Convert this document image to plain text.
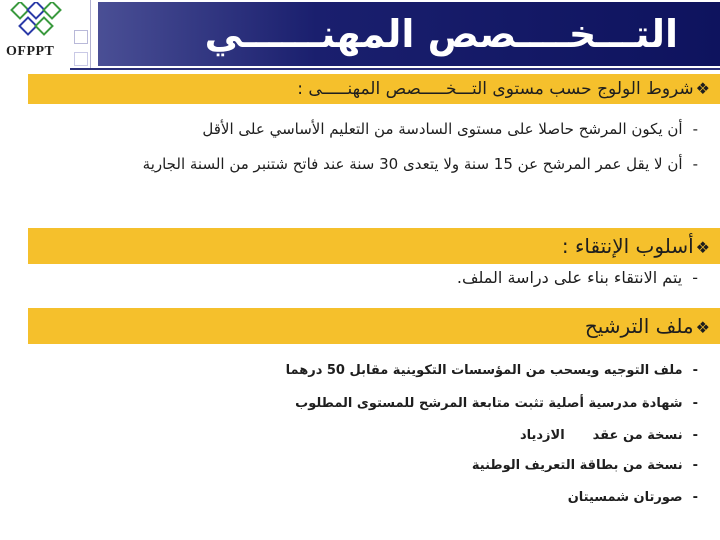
التـــخــــصص المهنــــــي
OFPPT
❖شروط الولوج حسب مستوى التـــخـــــصص المهنـــــى :
-أن يكون المرشح حاصلا على مستوى السادسة من التعليم الأساسي على الأقل
-أن لا يقل عمر المرشح عن 15 سنة ولا يتعدى 30 سنة عند فاتح شتنبر من السنة الجارية
❖أسلوب الإنتقاء :
-يتم الانتقاء بناء على دراسة الملف.
❖ملف الترشيح
-ملف التوجيه ويسحب من المؤسسات التكوينية مقابل 50 درهما
-شهادة مدرسية أصلية تثبت متابعة المرشح للمستوى المطلوب
-نسخة من عقدالازدياد
-نسخة من بطاقة التعريف الوطنية
-صورتان شمسيتان
